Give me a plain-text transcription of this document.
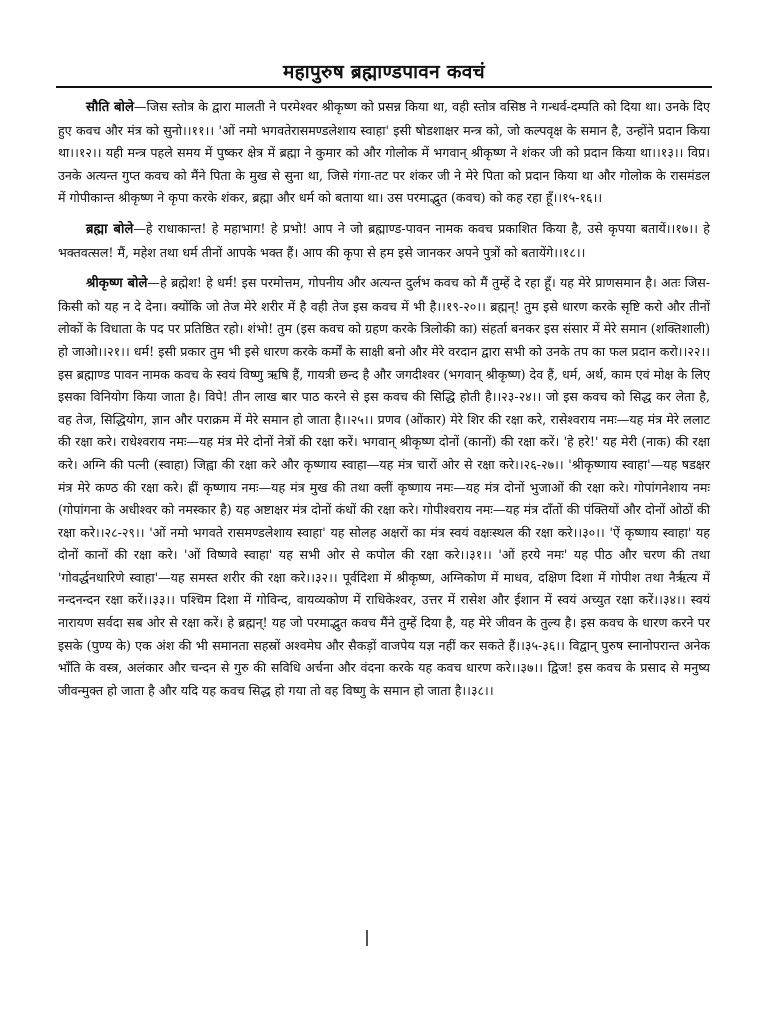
महापुरुष ब्रह्माण्डपावन कवचं

सौति बोले—जिस स्तोत्र के द्वारा मालती ने परमेश्वर श्रीकृष्ण को प्रसन्न किया था, वही स्तोत्र वसिष्ठ ने गन्धर्व-दम्पति को दिया था। उनके दिए हुए कवच और मंत्र को सुनो।।११।। 'ओं नमो भगवतेरासमण्डलेशाय स्वाहा' इसी षोडशाक्षर मन्त्र को, जो कल्पवृक्ष के समान है, उन्होंने प्रदान किया था।।१२।। यही मन्त्र पहले समय में पुष्कर क्षेत्र में ब्रह्मा ने कुमार को और गोलोक में भगवान् श्रीकृष्ण ने शंकर जी को प्रदान किया था।।१३।। विप्र। उनके अत्यन्त गुप्त कवच को मैंने पिता के मुख से सुना था, जिसे गंगा-तट पर शंकर जी ने मेरे पिता को प्रदान किया था और गोलोक के रासमंडल में गोपीकान्त श्रीकृष्ण ने कृपा करके शंकर, ब्रह्मा और धर्म को बताया था। उस परमाद्भुत (कवच) को कह रहा हूँ।।१५-१६।।

ब्रह्मा बोले—हे राधाकान्त! हे महाभाग! हे प्रभो! आप ने जो ब्रह्माण्ड-पावन नामक कवच प्रकाशित किया है, उसे कृपया बतायें।।१७।। हे भक्तवत्सल! मैं, महेश तथा धर्म तीनों आपके भक्त हैं। आप की कृपा से हम इसे जानकर अपने पुत्रों को बतायेंगे।।१८।।

श्रीकृष्ण बोले—हे ब्रह्मेश! हे धर्म! इस परमोत्तम, गोपनीय और अत्यन्त दुर्लभ कवच को मैं तुम्हें दे रहा हूँ। यह मेरे प्राणसमान है। अतः जिस-किसी को यह न दे देना। क्योंकि जो तेज मेरे शरीर में है वही तेज इस कवच में भी है।।१९-२०।। ब्रह्मन्! तुम इसे धारण करके सृष्टि करो और तीनों लोकों के विधाता के पद पर प्रतिष्ठित रहो। शंभो! तुम (इस कवच को ग्रहण करके त्रिलोकी का) संहर्ता बनकर इस संसार में मेरे समान (शक्तिशाली) हो जाओ।।२१।। धर्म! इसी प्रकार तुम भी इसे धारण करके कर्मों के साक्षी बनो और मेरे वरदान द्वारा सभी को उनके तप का फल प्रदान करो।।२२।। इस ब्रह्माण्ड पावन नामक कवच के स्वयं विष्णु ऋषि हैं, गायत्री छन्द है और जगदीश्वर (भगवान् श्रीकृष्ण) देव हैं, धर्म, अर्थ, काम एवं मोक्ष के लिए इसका विनियोग किया जाता है। विपे! तीन लाख बार पाठ करने से इस कवच की सिद्धि होती है।।२३-२४।। जो इस कवच को सिद्ध कर लेता है, वह तेज, सिद्धियोग, ज्ञान और पराक्रम में मेरे समान हो जाता है।।२५।। प्रणव (ओंकार) मेरे शिर की रक्षा करे, रासेश्वराय नमः—यह मंत्र मेरे ललाट की रक्षा करे। राधेश्वराय नमः—यह मंत्र मेरे दोनों नेत्रों की रक्षा करें। भगवान् श्रीकृष्ण दोनों (कानों) की रक्षा करें। 'हे हरे!' यह मेरी (नाक) की रक्षा करे। अग्नि की पत्नी (स्वाहा) जिह्वा की रक्षा करे और कृष्णाय स्वाहा—यह मंत्र चारों ओर से रक्षा करे।।२६-२७।। 'श्रीकृष्णाय स्वाहा'—यह षडक्षर मंत्र मेरे कण्ठ की रक्षा करे। ह्रीं कृष्णाय नमः—यह मंत्र मुख की तथा क्लीं कृष्णाय नमः—यह मंत्र दोनों भुजाओं की रक्षा करे। गोपांगनेशाय नमः (गोपांगना के अधीश्वर को नमस्कार है) यह अष्टाक्षर मंत्र दोनों कंधों की रक्षा करे। गोपीश्वराय नमः—यह मंत्र दाँतों की पंक्तियों और दोनों ओठों की रक्षा करे।।२८-२९।। 'ओं नमो भगवते रासमण्डलेशाय स्वाहा' यह सोलह अक्षरों का मंत्र स्वयं वक्षःस्थल की रक्षा करे।।३०।। 'ऐं कृष्णाय स्वाहा' यह दोनों कानों की रक्षा करे। 'ओं विष्णवे स्वाहा' यह सभी ओर से कपोल की रक्षा करे।।३१।। 'ओं हरये नमः' यह पीठ और चरण की तथा 'गोवर्द्धनधारिणे स्वाहा'—यह समस्त शरीर की रक्षा करे।।३२।। पूर्वदिशा में श्रीकृष्ण, अग्निकोण में माधव, दक्षिण दिशा में गोपीश तथा नैर्ऋत्य में नन्दनन्दन रक्षा करें।।३३।। पश्चिम दिशा में गोविन्द, वायव्यकोण में राधिकेश्वर, उत्तर में रासेश और ईशान में स्वयं अच्युत रक्षा करें।।३४।। स्वयं नारायण सर्वदा सब ओर से रक्षा करें। हे ब्रह्मन्! यह जो परमाद्भुत कवच मैंने तुम्हें दिया है, यह मेरे जीवन के तुल्य है। इस कवच के धारण करने पर इसके (पुण्य के) एक अंश की भी समानता सहस्रों अश्वमेघ और सैकड़ों वाजपेय यज्ञ नहीं कर सकते हैं।।३५-३६।। विद्वान् पुरुष स्नानोपरान्त अनेक भाँति के वस्त्र, अलंकार और चन्दन से गुरु की सविधि अर्चना और वंदना करके यह कवच धारण करे।।३७।। द्विज! इस कवच के प्रसाद से मनुष्य जीवन्मुक्त हो जाता है और यदि यह कवच सिद्ध हो गया तो वह विष्णु के समान हो जाता है।।३८।।
